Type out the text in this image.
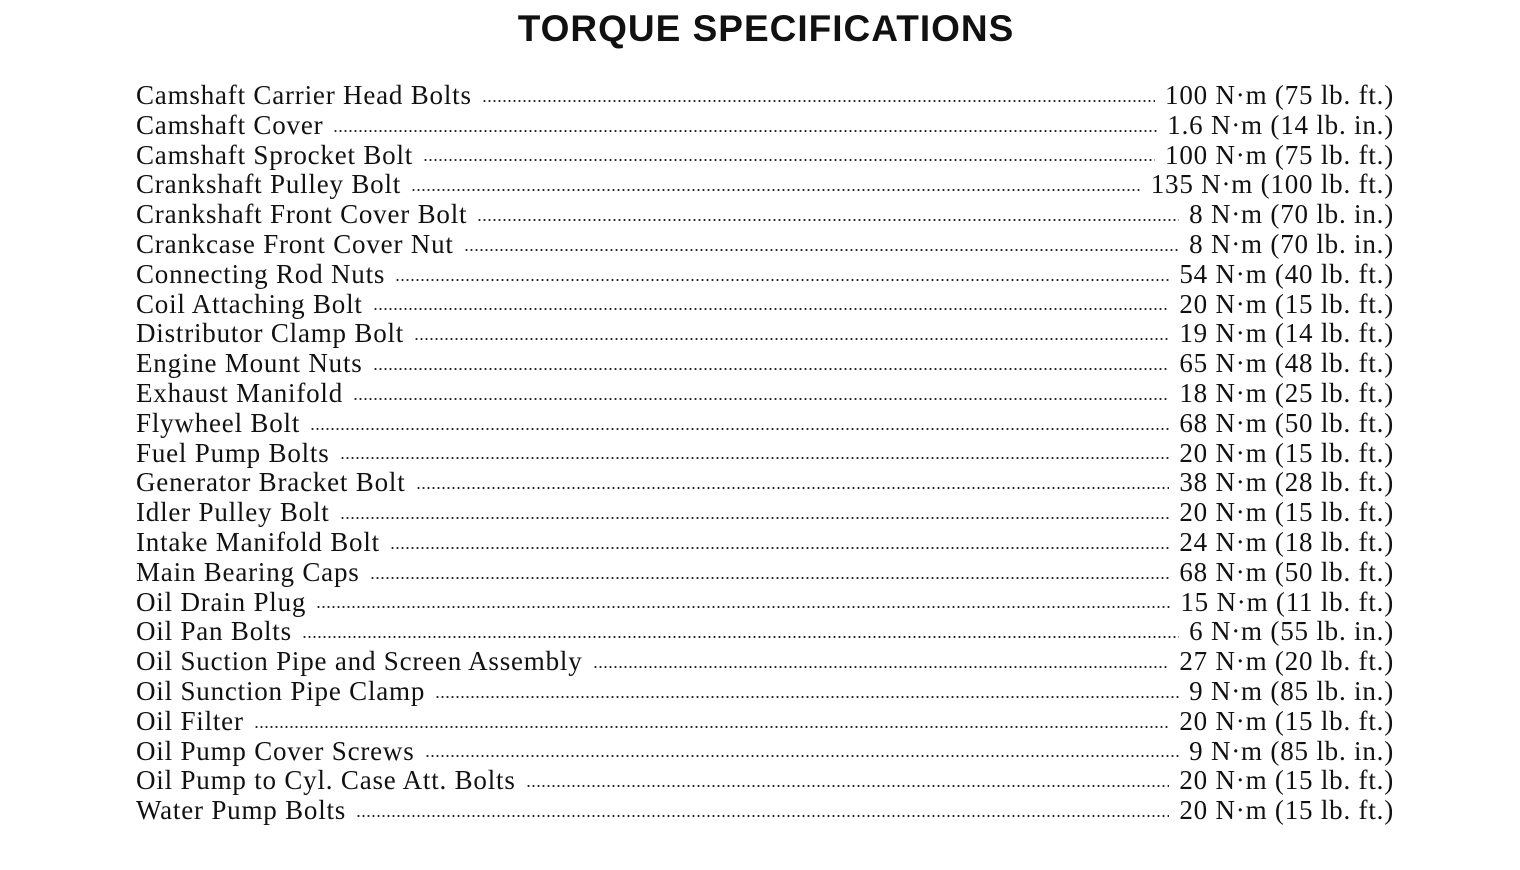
TORQUE SPECIFICATIONS
Camshaft Carrier Head Bolts	100 N·m (75 lb. ft.)
Camshaft Cover	1.6 N·m (14 lb. in.)
Camshaft Sprocket Bolt	100 N·m (75 lb. ft.)
Crankshaft Pulley Bolt	135 N·m (100 lb. ft.)
Crankshaft Front Cover Bolt	8 N·m (70 lb. in.)
Crankcase Front Cover Nut	8 N·m (70 lb. in.)
Connecting Rod Nuts	54 N·m (40 lb. ft.)
Coil Attaching Bolt	20 N·m (15 lb. ft.)
Distributor Clamp Bolt	19 N·m (14 lb. ft.)
Engine Mount Nuts	65 N·m (48 lb. ft.)
Exhaust Manifold	18 N·m (25 lb. ft.)
Flywheel Bolt	68 N·m (50 lb. ft.)
Fuel Pump Bolts	20 N·m (15 lb. ft.)
Generator Bracket Bolt	38 N·m (28 lb. ft.)
Idler Pulley Bolt	20 N·m (15 lb. ft.)
Intake Manifold Bolt	24 N·m (18 lb. ft.)
Main Bearing Caps	68 N·m (50 lb. ft.)
Oil Drain Plug	15 N·m (11 lb. ft.)
Oil Pan Bolts	6 N·m (55 lb. in.)
Oil Suction Pipe and Screen Assembly	27 N·m (20 lb. ft.)
Oil Sunction Pipe Clamp	9 N·m (85 lb. in.)
Oil Filter	20 N·m (15 lb. ft.)
Oil Pump Cover Screws	9 N·m (85 lb. in.)
Oil Pump to Cyl. Case Att. Bolts	20 N·m (15 lb. ft.)
Water Pump Bolts	20 N·m (15 lb. ft.)
